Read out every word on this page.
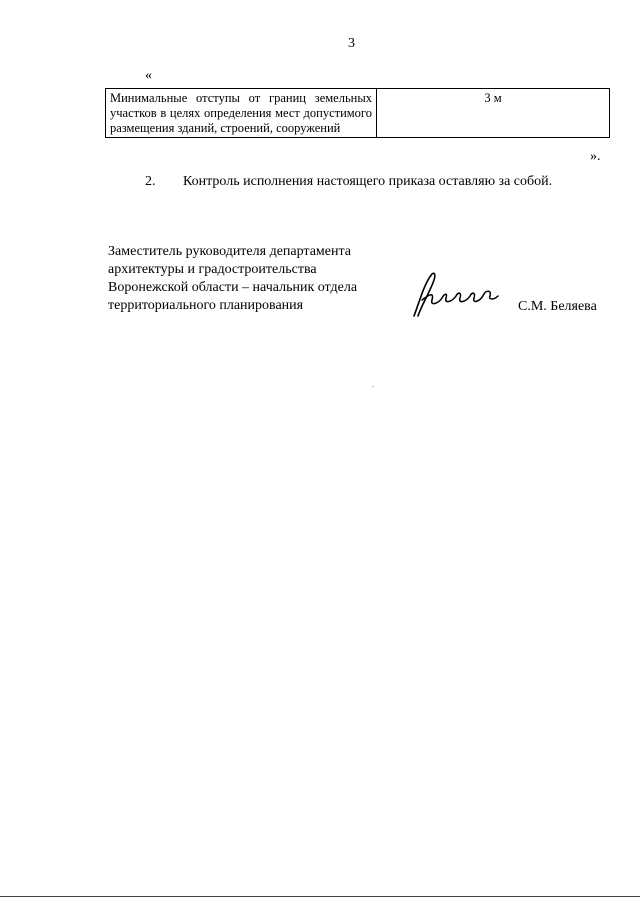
3
«
Минимальные отступы от границ земельных участков в целях определения мест допустимого размещения зданий, строений, сооружений	3 м
».
2. Контроль исполнения настоящего приказа оставляю за собой.
Заместитель руководителя департамента
архитектуры и градостроительства
Воронежской области – начальник отдела
территориального планирования	С.М. Беляева
